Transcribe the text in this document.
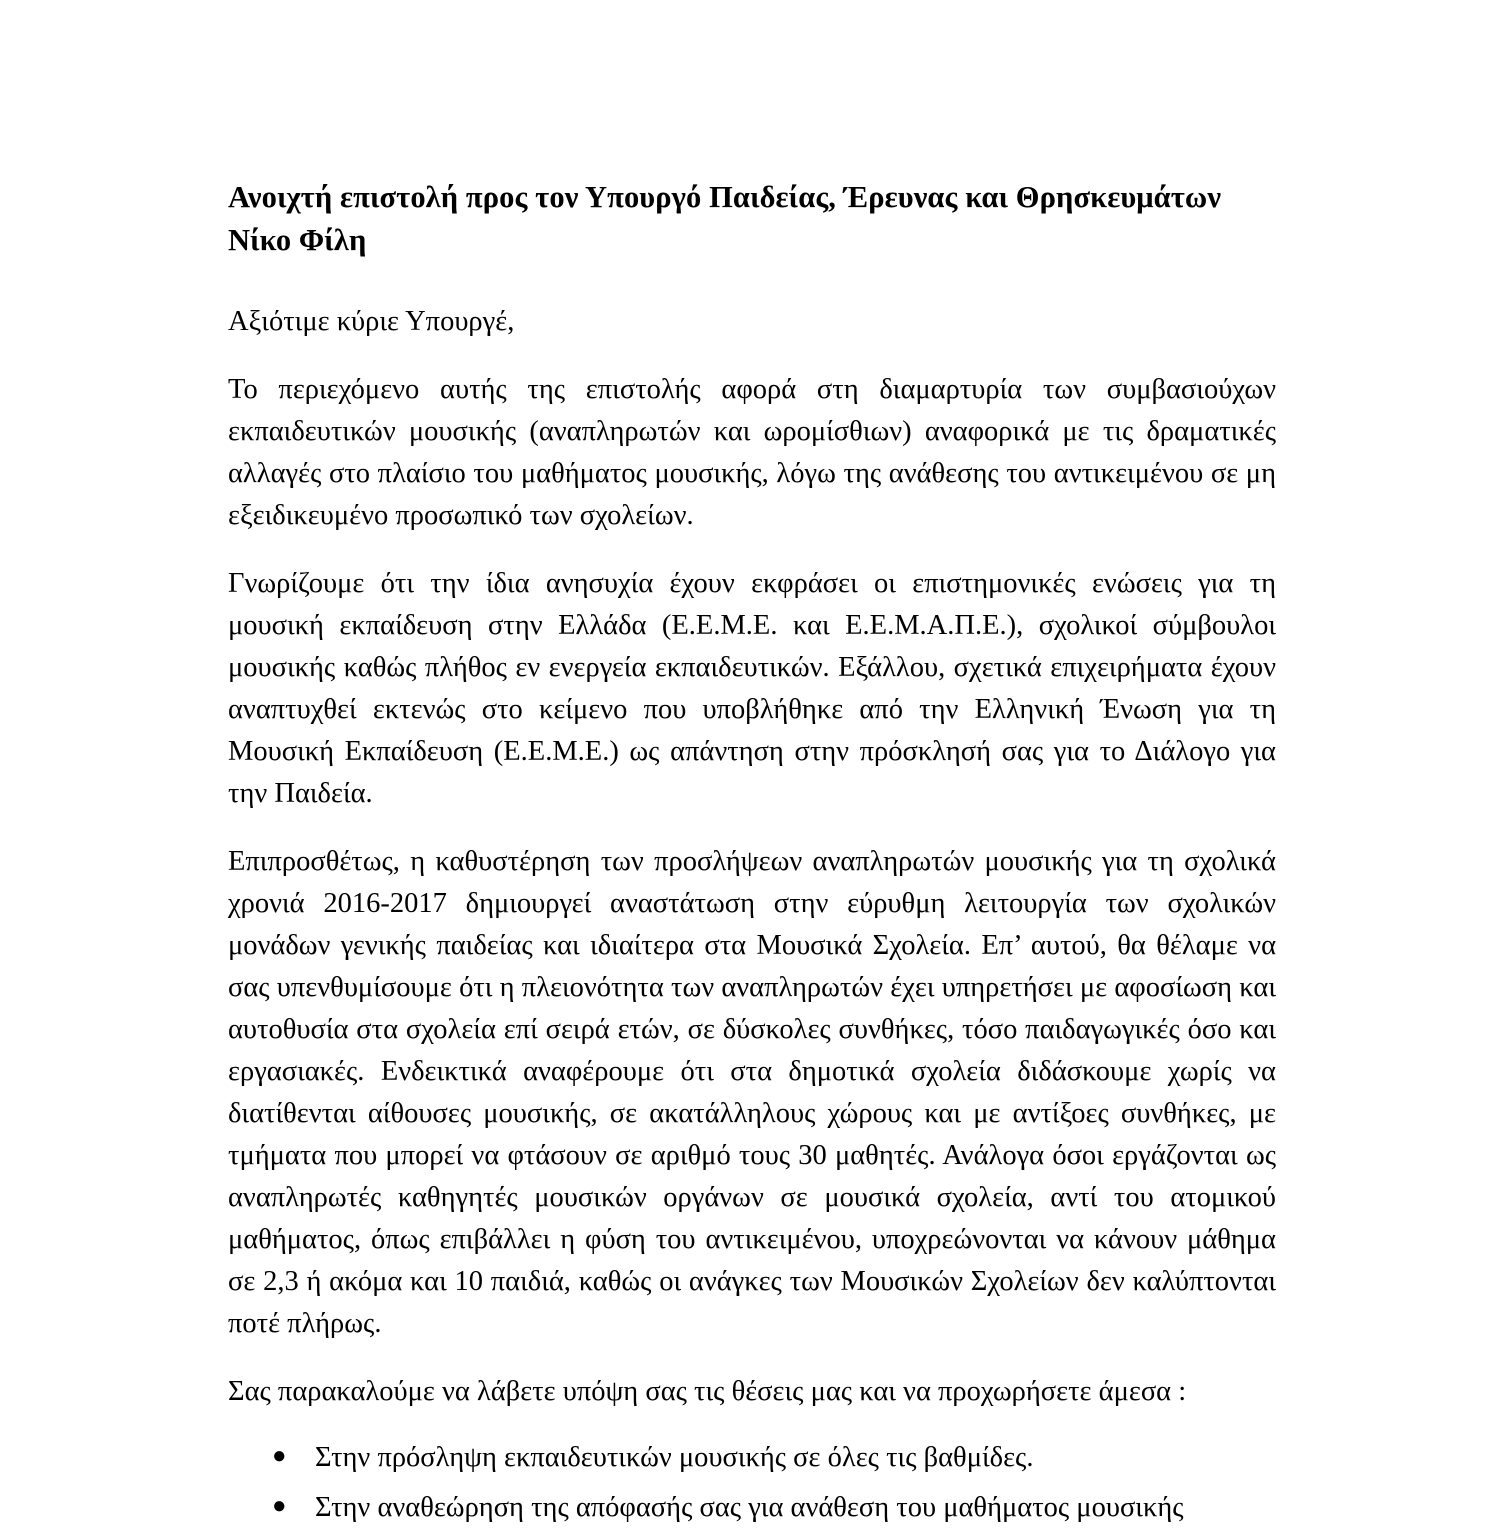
Ανοιχτή επιστολή προς τον Υπουργό Παιδείας, Έρευνας και Θρησκευμάτων Νίκο Φίλη

Αξιότιμε κύριε Υπουργέ,

Το περιεχόμενο αυτής της επιστολής αφορά στη διαμαρτυρία των συμβασιούχων εκπαιδευτικών μουσικής (αναπληρωτών και ωρομίσθιων) αναφορικά με τις δραματικές αλλαγές στο πλαίσιο του μαθήματος μουσικής, λόγω της ανάθεσης του αντικειμένου σε μη εξειδικευμένο προσωπικό των σχολείων.

Γνωρίζουμε ότι την ίδια ανησυχία έχουν εκφράσει οι επιστημονικές ενώσεις για τη μουσική εκπαίδευση στην Ελλάδα (Ε.Ε.Μ.Ε. και Ε.Ε.Μ.Α.Π.Ε.), σχολικοί σύμβουλοι μουσικής καθώς πλήθος εν ενεργεία εκπαιδευτικών. Εξάλλου, σχετικά επιχειρήματα έχουν αναπτυχθεί εκτενώς στο κείμενο που υποβλήθηκε από την Ελληνική Ένωση για τη Μουσική Εκπαίδευση (Ε.Ε.Μ.Ε.) ως απάντηση στην πρόσκλησή σας για το Διάλογο για την Παιδεία.

Επιπροσθέτως, η καθυστέρηση των προσλήψεων αναπληρωτών μουσικής για τη σχολικά χρονιά 2016-2017 δημιουργεί αναστάτωση στην εύρυθμη λειτουργία των σχολικών μονάδων γενικής παιδείας και ιδιαίτερα στα Μουσικά Σχολεία. Επ’ αυτού, θα θέλαμε να σας υπενθυμίσουμε ότι η πλειονότητα των αναπληρωτών έχει υπηρετήσει με αφοσίωση και αυτοθυσία στα σχολεία επί σειρά ετών, σε δύσκολες συνθήκες, τόσο παιδαγωγικές όσο και εργασιακές. Ενδεικτικά αναφέρουμε ότι στα δημοτικά σχολεία διδάσκουμε χωρίς να διατίθενται αίθουσες μουσικής, σε ακατάλληλους χώρους και με αντίξοες συνθήκες, με τμήματα που μπορεί να φτάσουν σε αριθμό τους 30 μαθητές. Ανάλογα όσοι εργάζονται ως αναπληρωτές καθηγητές μουσικών οργάνων σε μουσικά σχολεία, αντί του ατομικού μαθήματος, όπως επιβάλλει η φύση του αντικειμένου, υποχρεώνονται να κάνουν μάθημα σε 2,3 ή ακόμα και 10 παιδιά, καθώς οι ανάγκες των Μουσικών Σχολείων δεν καλύπτονται ποτέ πλήρως.

Σας παρακαλούμε να λάβετε υπόψη σας τις θέσεις μας και να προχωρήσετε άμεσα :

● Στην πρόσληψη εκπαιδευτικών μουσικής σε όλες τις βαθμίδες.
● Στην αναθεώρηση της απόφασής σας για ανάθεση του μαθήματος μουσικής
